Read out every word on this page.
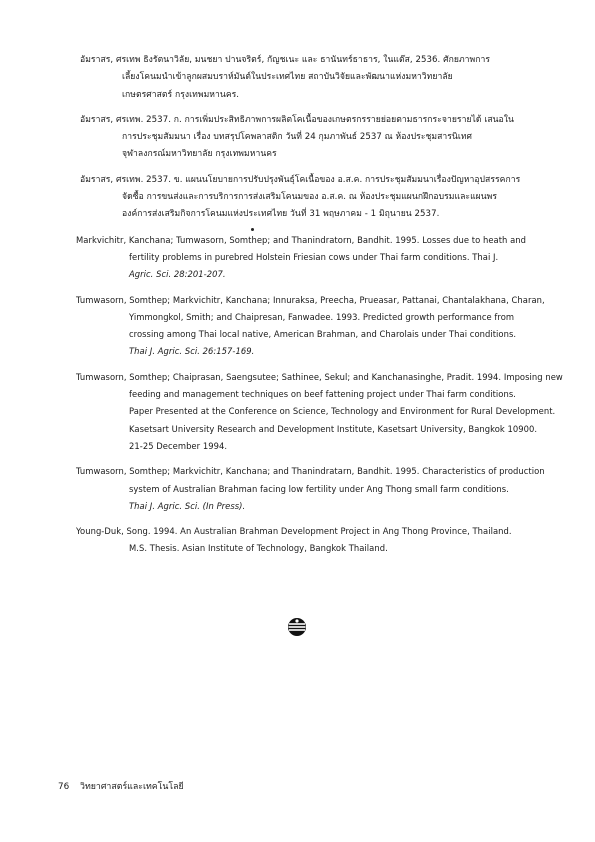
อัมราสร, ศรเทพ ธิงรัตนาวิลัย, มนชยา ปานจริตร์, กัญชเนะ และ ธานันทร์ธาธาร, ในแต๊ส, 2536. ศักยภาพการ
เลี้ยงโคนมนำเข้าลูกผสมบราห์มันต์ในประเทศไทย สถาบันวิจัยและพัฒนาแห่งมหาวิทยาลัย
เกษตรศาสตร์ กรุงเทพมหานคร.
อัมราสร, ศรเทพ. 2537. ก. การเพิ่มประสิทธิภาพการผลิตโคเนื้อของเกษตรกรรายย่อยตามธารกระจายรายได้ เสนอใน
การประชุมสัมมนา เรื่อง บทสรุปโคพลาสติก วันที่ 24 กุมภาพันธ์ 2537 ณ ห้องประชุมสารนิเทศ
จุฬาลงกรณ์มหาวิทยาลัย กรุงเทพมหานคร
อัมราสร, ศรเทพ. 2537. ข. แผนนโยบายการปรับปรุงพันธุ์โคเนื้อของ อ.ส.ค. การประชุมสัมมนาเรื่องปัญหาอุปสรรคการ
จัดซื้อ การขนส่งและการบริการการส่งเสริมโคนมของ อ.ส.ค. ณ ห้องประชุมแผนกฝึกอบรมและแผนพร
องค์การส่งเสริมกิจการโคนมแห่งประเทศไทย วันที่ 31 พฤษภาคม - 1 มิถุนายน 2537.
Markvichitr, Kanchana; Tumwasorn, Somthep; and Thanindratorn, Bandhit. 1995. Losses due to heath and
fertility problems in purebred Holstein Friesian cows under Thai farm conditions. Thai J.
Agric. Sci. 28:201-207.
Tumwasorn, Somthep; Markvichitr, Kanchana; Innuraksa, Preecha, Prueasar, Pattanai, Chantalakhana, Charan,
Yimmongkol, Smith; and Chaipresan, Fanwadee. 1993. Predicted growth performance from
crossing among Thai local native, American Brahman, and Charolais under Thai conditions.
Thai J. Agric. Sci. 26:157-169.
Tumwasorn, Somthep; Chaiprasan, Saengsutee; Sathinee, Sekul; and Kanchanasinghe, Pradit. 1994. Imposing new
feeding and management techniques on beef fattening project under Thai farm conditions.
Paper Presented at the Conference on Science, Technology and Environment for Rural Development.
Kasetsart University Research and Development Institute, Kasetsart University, Bangkok 10900.
21-25 December 1994.
Tumwasorn, Somthep; Markvichitr, Kanchana; and Thanindratarn, Bandhit. 1995. Characteristics of production
system of Australian Brahman facing low fertility under Ang Thong small farm conditions.
Thai J. Agric. Sci. (In Press).
Young-Duk, Song. 1994. An Australian Brahman Development Project in Ang Thong Province, Thailand.
M.S. Thesis. Asian Institute of Technology, Bangkok Thailand.
76 วิทยาศาสตร์และเทคโนโลยี
